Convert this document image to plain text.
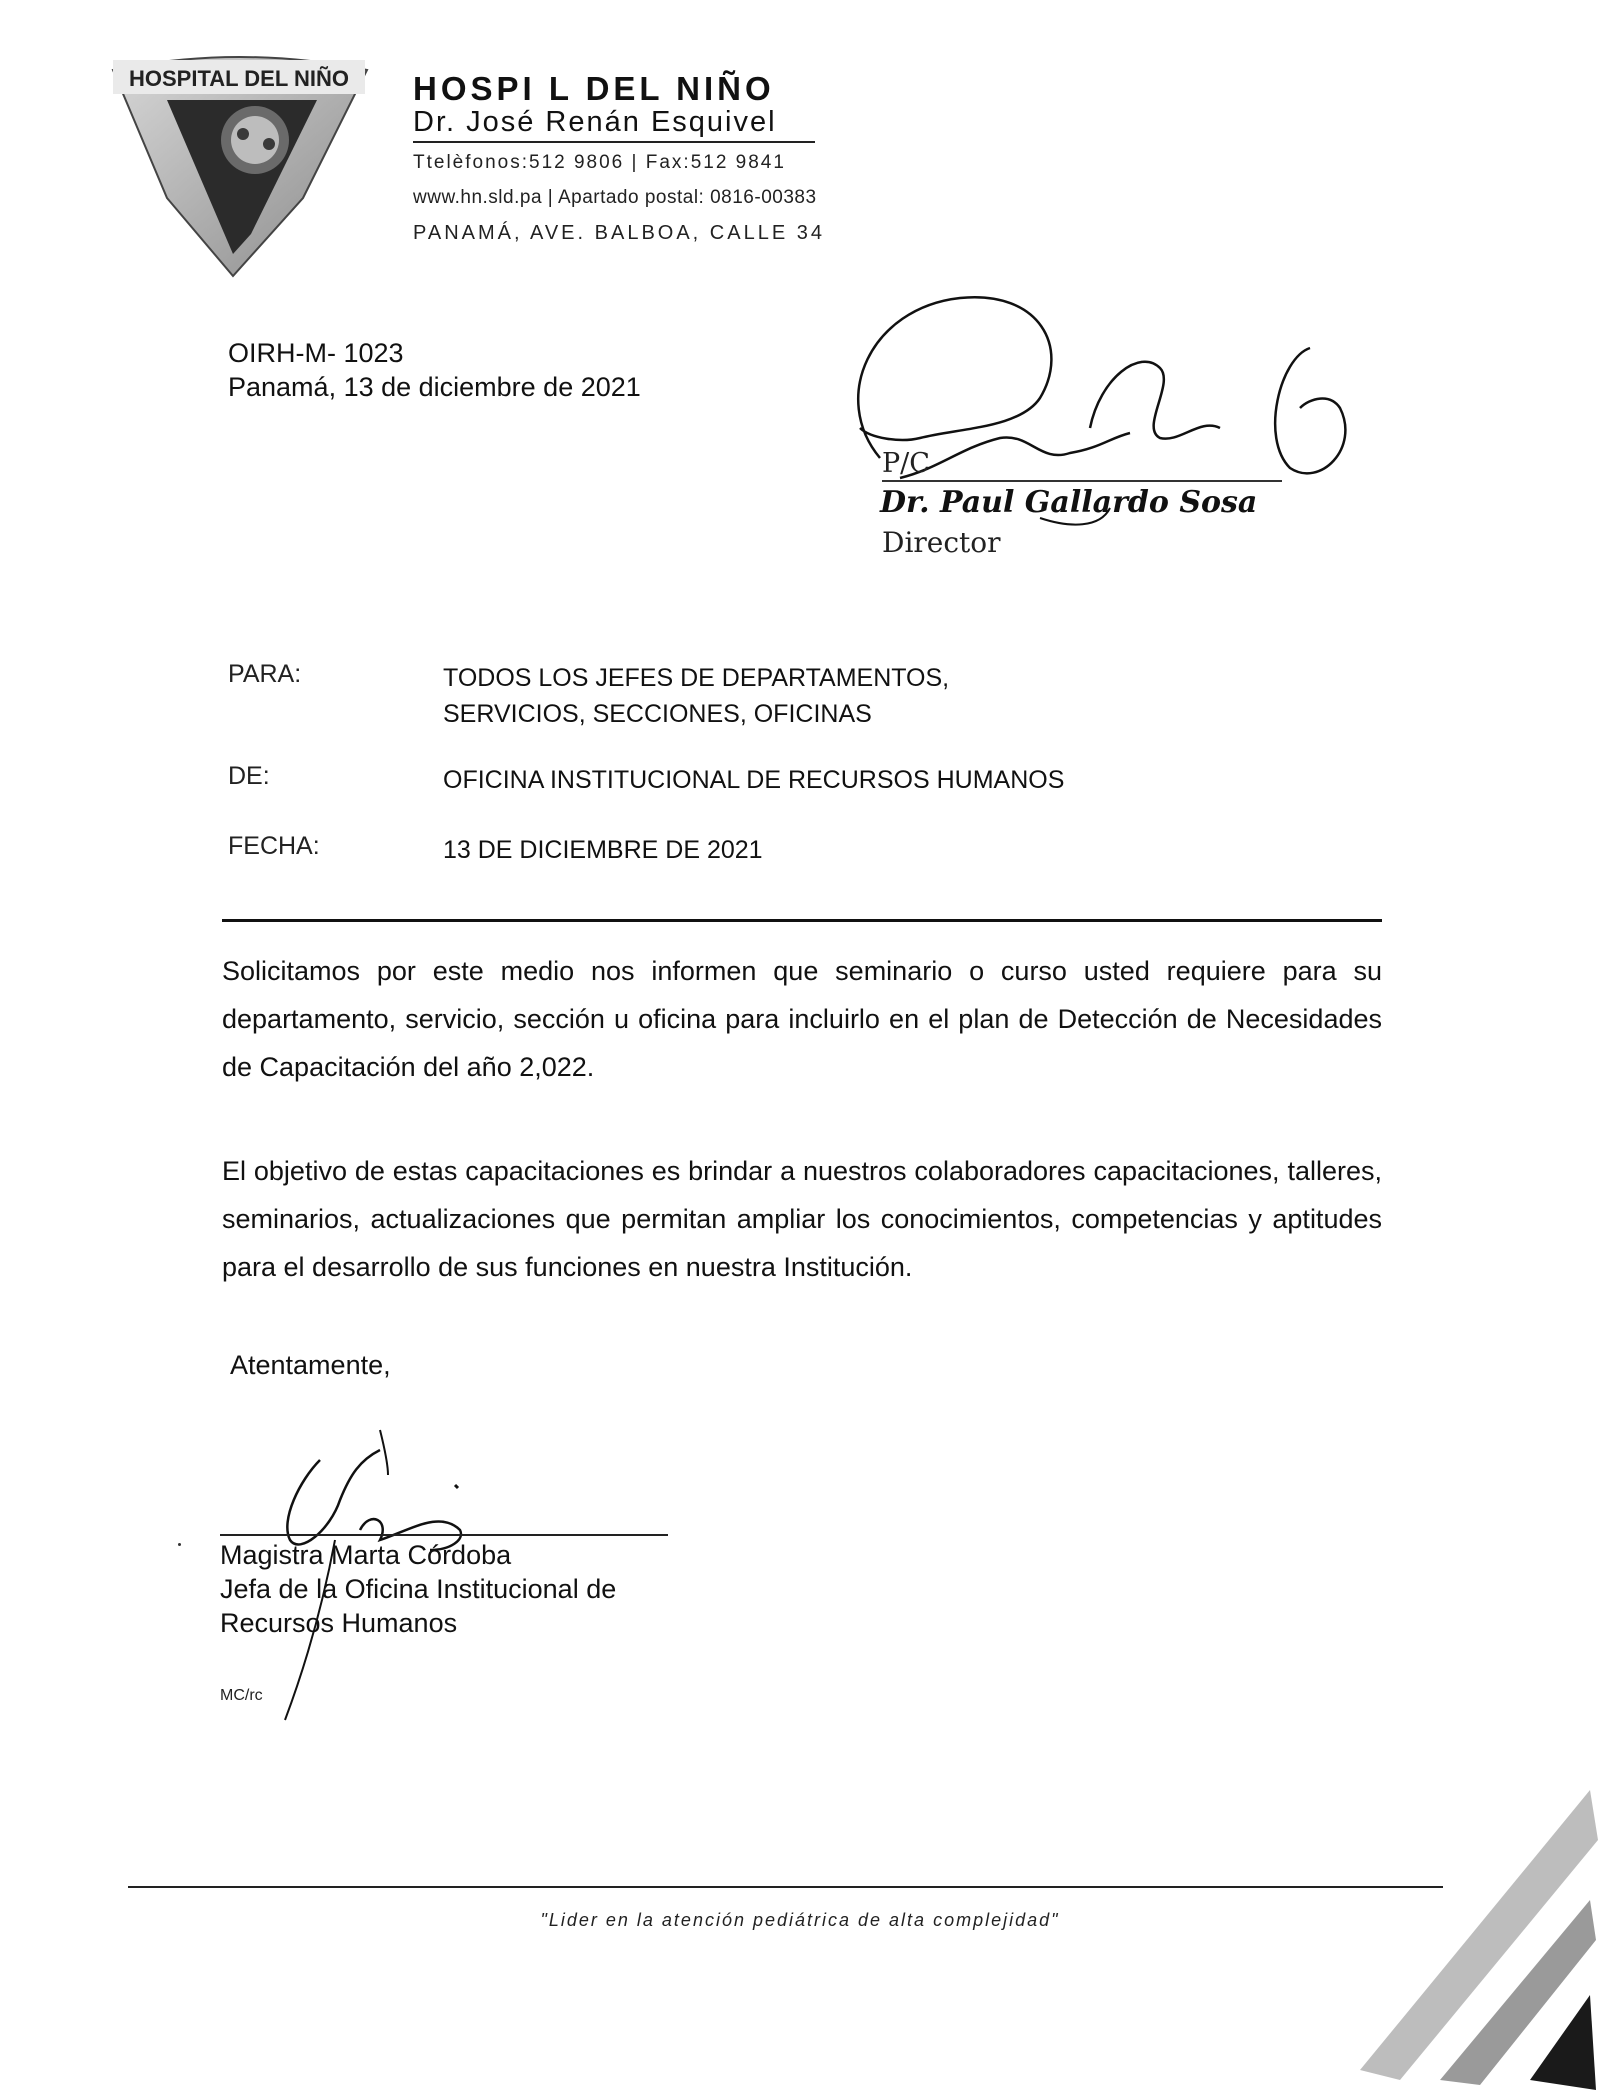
HOSPITAL DEL NIÑO HOSPI L DEL NIÑO
Dr. José Renán Esquivel
Ttelèfonos:512 9806 | Fax:512 9841
www.hn.sld.pa | Apartado postal: 0816-00383
PANAMÁ, AVE. BALBOA, CALLE 34
OIRH-M- 1023
Panamá, 13 de diciembre de 2021
P/C
Dr. Paul Gallardo Sosa
Director
PARA:	TODOS LOS JEFES DE DEPARTAMENTOS,
SERVICIOS, SECCIONES, OFICINAS
DE:	OFICINA INSTITUCIONAL DE RECURSOS HUMANOS
FECHA:	13 DE DICIEMBRE DE 2021
Solicitamos por este medio nos informen que seminario o curso usted requiere para su departamento, servicio, sección u oficina para incluirlo en el plan de Detección de Necesidades de Capacitación del año 2,022.
El objetivo de estas capacitaciones es brindar a nuestros colaboradores capacitaciones, talleres, seminarios, actualizaciones que permitan ampliar los conocimientos, competencias y aptitudes para el desarrollo de sus funciones en nuestra Institución.
Atentamente,
Magistra Marta Córdoba
Jefa de la Oficina Institucional de
Recursos Humanos
MC/rc
"Lider en la atención pediátrica de alta complejidad"
